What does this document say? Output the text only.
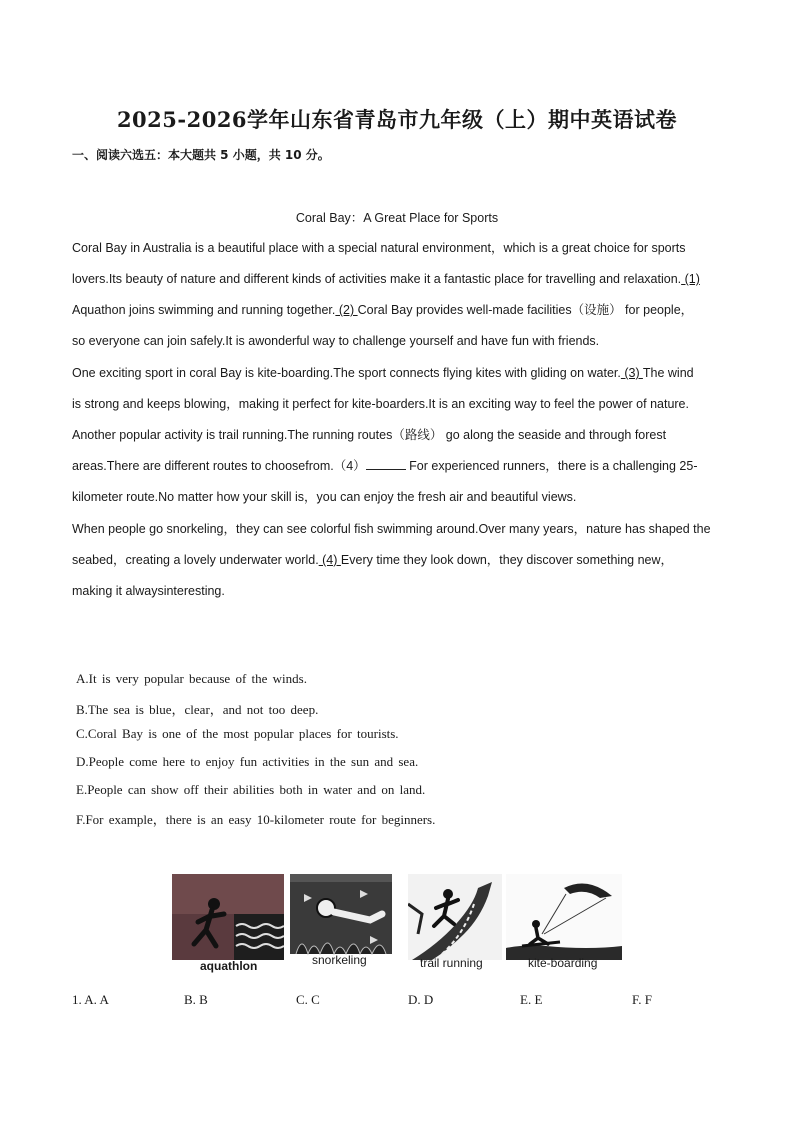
2025-2026学年山东省青岛市九年级（上）期中英语试卷
一、阅读六选五：本大题共 5 小题，共 10 分。
Coral Bay：A Great Place for Sports
Coral Bay in Australia is a beautiful place with a special natural environment，which is a great choice for sports
lovers.Its beauty of nature and different kinds of activities make it a fantastic place for travelling and relaxation. (1)
Aquathon joins swimming and running together. (2) Coral Bay provides well-made facilities（设施） for people，
so everyone can join safely.It is awonderful way to challenge yourself and have fun with friends.
One exciting sport in coral Bay is kite-boarding.The sport connects flying kites with gliding on water. (3) The wind
is strong and keeps blowing，making it perfect for kite-boarders.It is an exciting way to feel the power of nature.
Another popular activity is trail running.The running routes（路线） go along the seaside and through forest
areas.There are different routes to choosefrom.（4）	For experienced runners，there is a challenging 25-
kilometer route.No matter how your skill is，you can enjoy the fresh air and beautiful views.
When people go snorkeling，they can see colorful fish swimming around.Over many years，nature has shaped the
seabed，creating a lovely underwater world. (4) Every time they look down，they discover something new，
making it alwaysinteresting.
A.It is very popular because of the winds.
B.The sea is blue，clear，and not too deep.
C.Coral Bay is one of the most popular places for tourists.
D.People come here to enjoy fun activities in the sun and sea.
E.People can show off their abilities both in water and on land.
F.For example，there is an easy 10-kilometer route for beginners.
aquathlon	snorkeling	trail running	kite-boarding
1. A. A	B. B	C. C	D. D	E. E	F. F
